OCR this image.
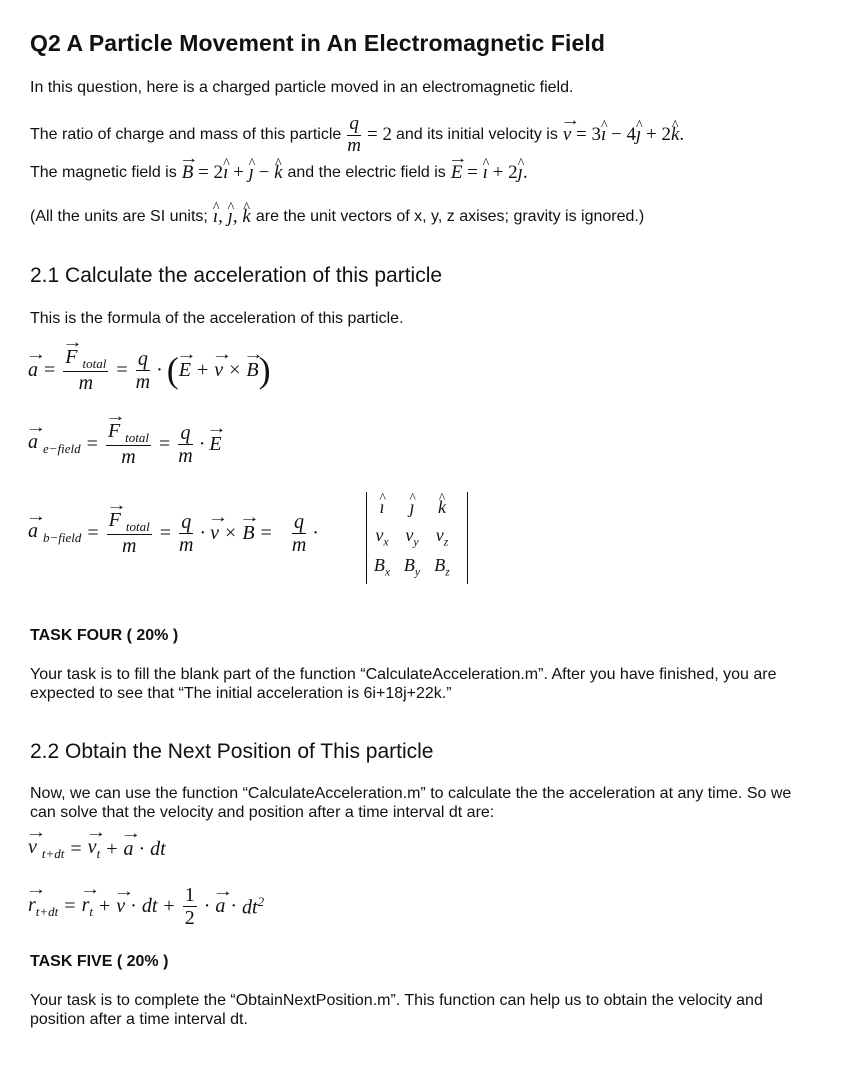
Q2 A Particle Movement in An Electromagnetic Field
In this question, here is a charged particle moved in an electromagnetic field.
The ratio of charge and mass of this particle $\frac{q}{m} = 2$ and its initial velocity is → v = 3^ ı − 4^ ȷ + 2^ k.
The magnetic field is → B = 2^ ı + ^ ȷ − ^ k and the electric field is → E = ^ ı + 2^ ȷ.
(All the units are SI units; ^ ı, ^ ȷ, ^ k are the unit vectors of x, y, z axises; gravity is ignored.)
2.1 Calculate the acceleration of this particle
This is the formula of the acceleration of this particle.
→ a = → $\frac{F _{total}}{m} = \frac{q}{m}$ · ( → E + → v × → B )
→ a $_{e-field}$ = → $\frac{F _{total}}{m} = \frac{q}{m}$ · → E
→ a $_{b-field}$ = → $\frac{F _{total}}{m} = \frac{q}{m}$ · → v × → $B = \frac{q}{m}$ ·
^ ı	^ ȷ	^ k
$v_x$	$v_y$	$v_z$
$B_x$	$B_y$	$B_z$
TASK FOUR ( 20% )
Your task is to fill the blank part of the function “CalculateAcceleration.m”. After you have finished, you are expected to see that “The initial acceleration is 6i+18j+22k.”
2.2 Obtain the Next Position of This particle
Now, we can use the function “CalculateAcceleration.m” to calculate the the acceleration at any time. So we can solve that the velocity and position after a time interval dt are:
→ v $_{t+dt}$ = → $v_t$ + → a · dt
→ $r_{t+dt}$ = → $r_t$ + → v · dt + $\frac{1}{2}$ · → $a \cdot dt^2$
TASK FIVE ( 20% )
Your task is to complete the “ObtainNextPosition.m”. This function can help us to obtain the velocity and position after a time interval dt.
